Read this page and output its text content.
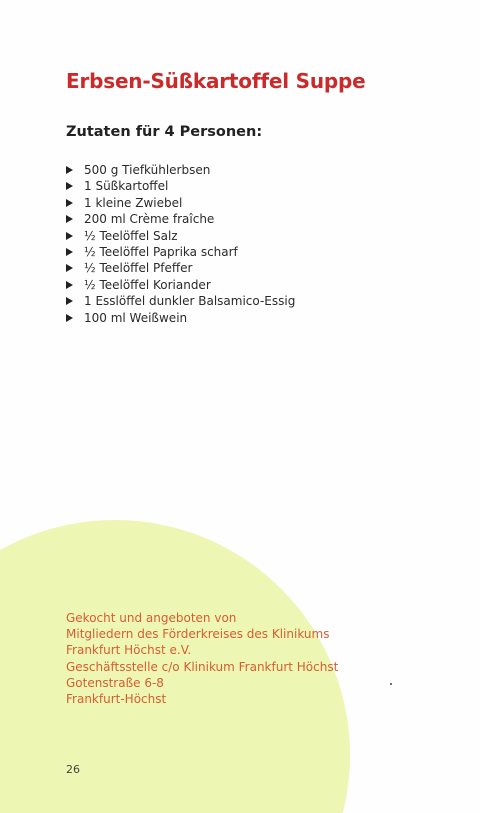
Erbsen-Süßkartoffel Suppe
Zutaten für 4 Personen:
500 g Tiefkühlerbsen
1 Süßkartoffel
1 kleine Zwiebel
200 ml Crème fraîche
½ Teelöffel Salz
½ Teelöffel Paprika scharf
½ Teelöffel Pfeffer
½ Teelöffel Koriander
1 Esslöffel dunkler Balsamico-Essig
100 ml Weißwein
Gekocht und angeboten von
Mitgliedern des Förderkreises des Klinikums
Frankfurt Höchst e.V.
Geschäftsstelle c/o Klinikum Frankfurt Höchst
Gotenstraße 6-8
Frankfurt-Höchst
26
